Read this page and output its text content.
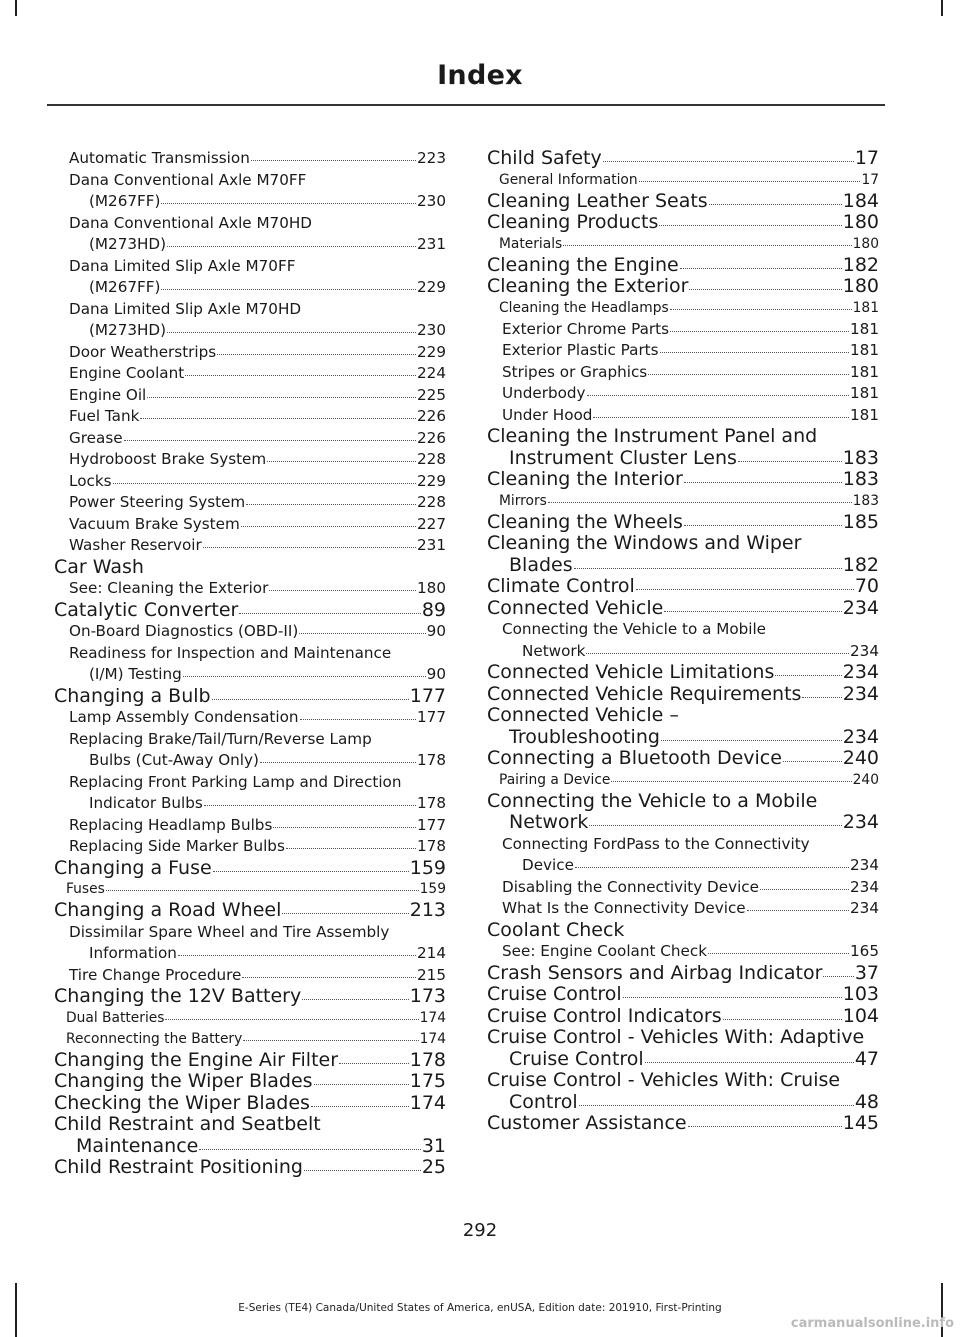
Index
Automatic Transmission	223
Dana Conventional Axle M70FF
(M267FF)	230
Dana Conventional Axle M70HD
(M273HD)	231
Dana Limited Slip Axle M70FF
(M267FF)	229
Dana Limited Slip Axle M70HD
(M273HD)	230
Door Weatherstrips	229
Engine Coolant	224
Engine Oil	225
Fuel Tank	226
Grease	226
Hydroboost Brake System	228
Locks	229
Power Steering System	228
Vacuum Brake System	227
Washer Reservoir	231
Car Wash
See: Cleaning the Exterior	180
Catalytic Converter	89
On-Board Diagnostics (OBD-II)	90
Readiness for Inspection and Maintenance
(I/M) Testing	90
Changing a Bulb	177
Lamp Assembly Condensation	177
Replacing Brake/Tail/Turn/Reverse Lamp
Bulbs (Cut-Away Only)	178
Replacing Front Parking Lamp and Direction
Indicator Bulbs	178
Replacing Headlamp Bulbs	177
Replacing Side Marker Bulbs	178
Changing a Fuse	159
Fuses	159
Changing a Road Wheel	213
Dissimilar Spare Wheel and Tire Assembly
Information	214
Tire Change Procedure	215
Changing the 12V Battery	173
Dual Batteries	174
Reconnecting the Battery	174
Changing the Engine Air Filter	178
Changing the Wiper Blades	175
Checking the Wiper Blades	174
Child Restraint and Seatbelt
Maintenance	31
Child Restraint Positioning	25
Child Safety	17
General Information	17
Cleaning Leather Seats	184
Cleaning Products	180
Materials	180
Cleaning the Engine	182
Cleaning the Exterior	180
Cleaning the Headlamps	181
Exterior Chrome Parts	181
Exterior Plastic Parts	181
Stripes or Graphics	181
Underbody	181
Under Hood	181
Cleaning the Instrument Panel and
Instrument Cluster Lens	183
Cleaning the Interior	183
Mirrors	183
Cleaning the Wheels	185
Cleaning the Windows and Wiper
Blades	182
Climate Control	70
Connected Vehicle	234
Connecting the Vehicle to a Mobile
Network	234
Connected Vehicle Limitations	234
Connected Vehicle Requirements 234
Connected Vehicle –
Troubleshooting	234
Connecting a Bluetooth Device	240
Pairing a Device	240
Connecting the Vehicle to a Mobile
Network	234
Connecting FordPass to the Connectivity
Device	234
Disabling the Connectivity Device	234
What Is the Connectivity Device	234
Coolant Check
See: Engine Coolant Check	165
Crash Sensors and Airbag Indicator 37
Cruise Control	103
Cruise Control Indicators	104
Cruise Control - Vehicles With: Adaptive
Cruise Control	47
Cruise Control - Vehicles With: Cruise
Control	48
Customer Assistance	145
292
E-Series (TE4) Canada/United States of America, enUSA, Edition date: 201910, First-Printing
carmanualsonline.info
